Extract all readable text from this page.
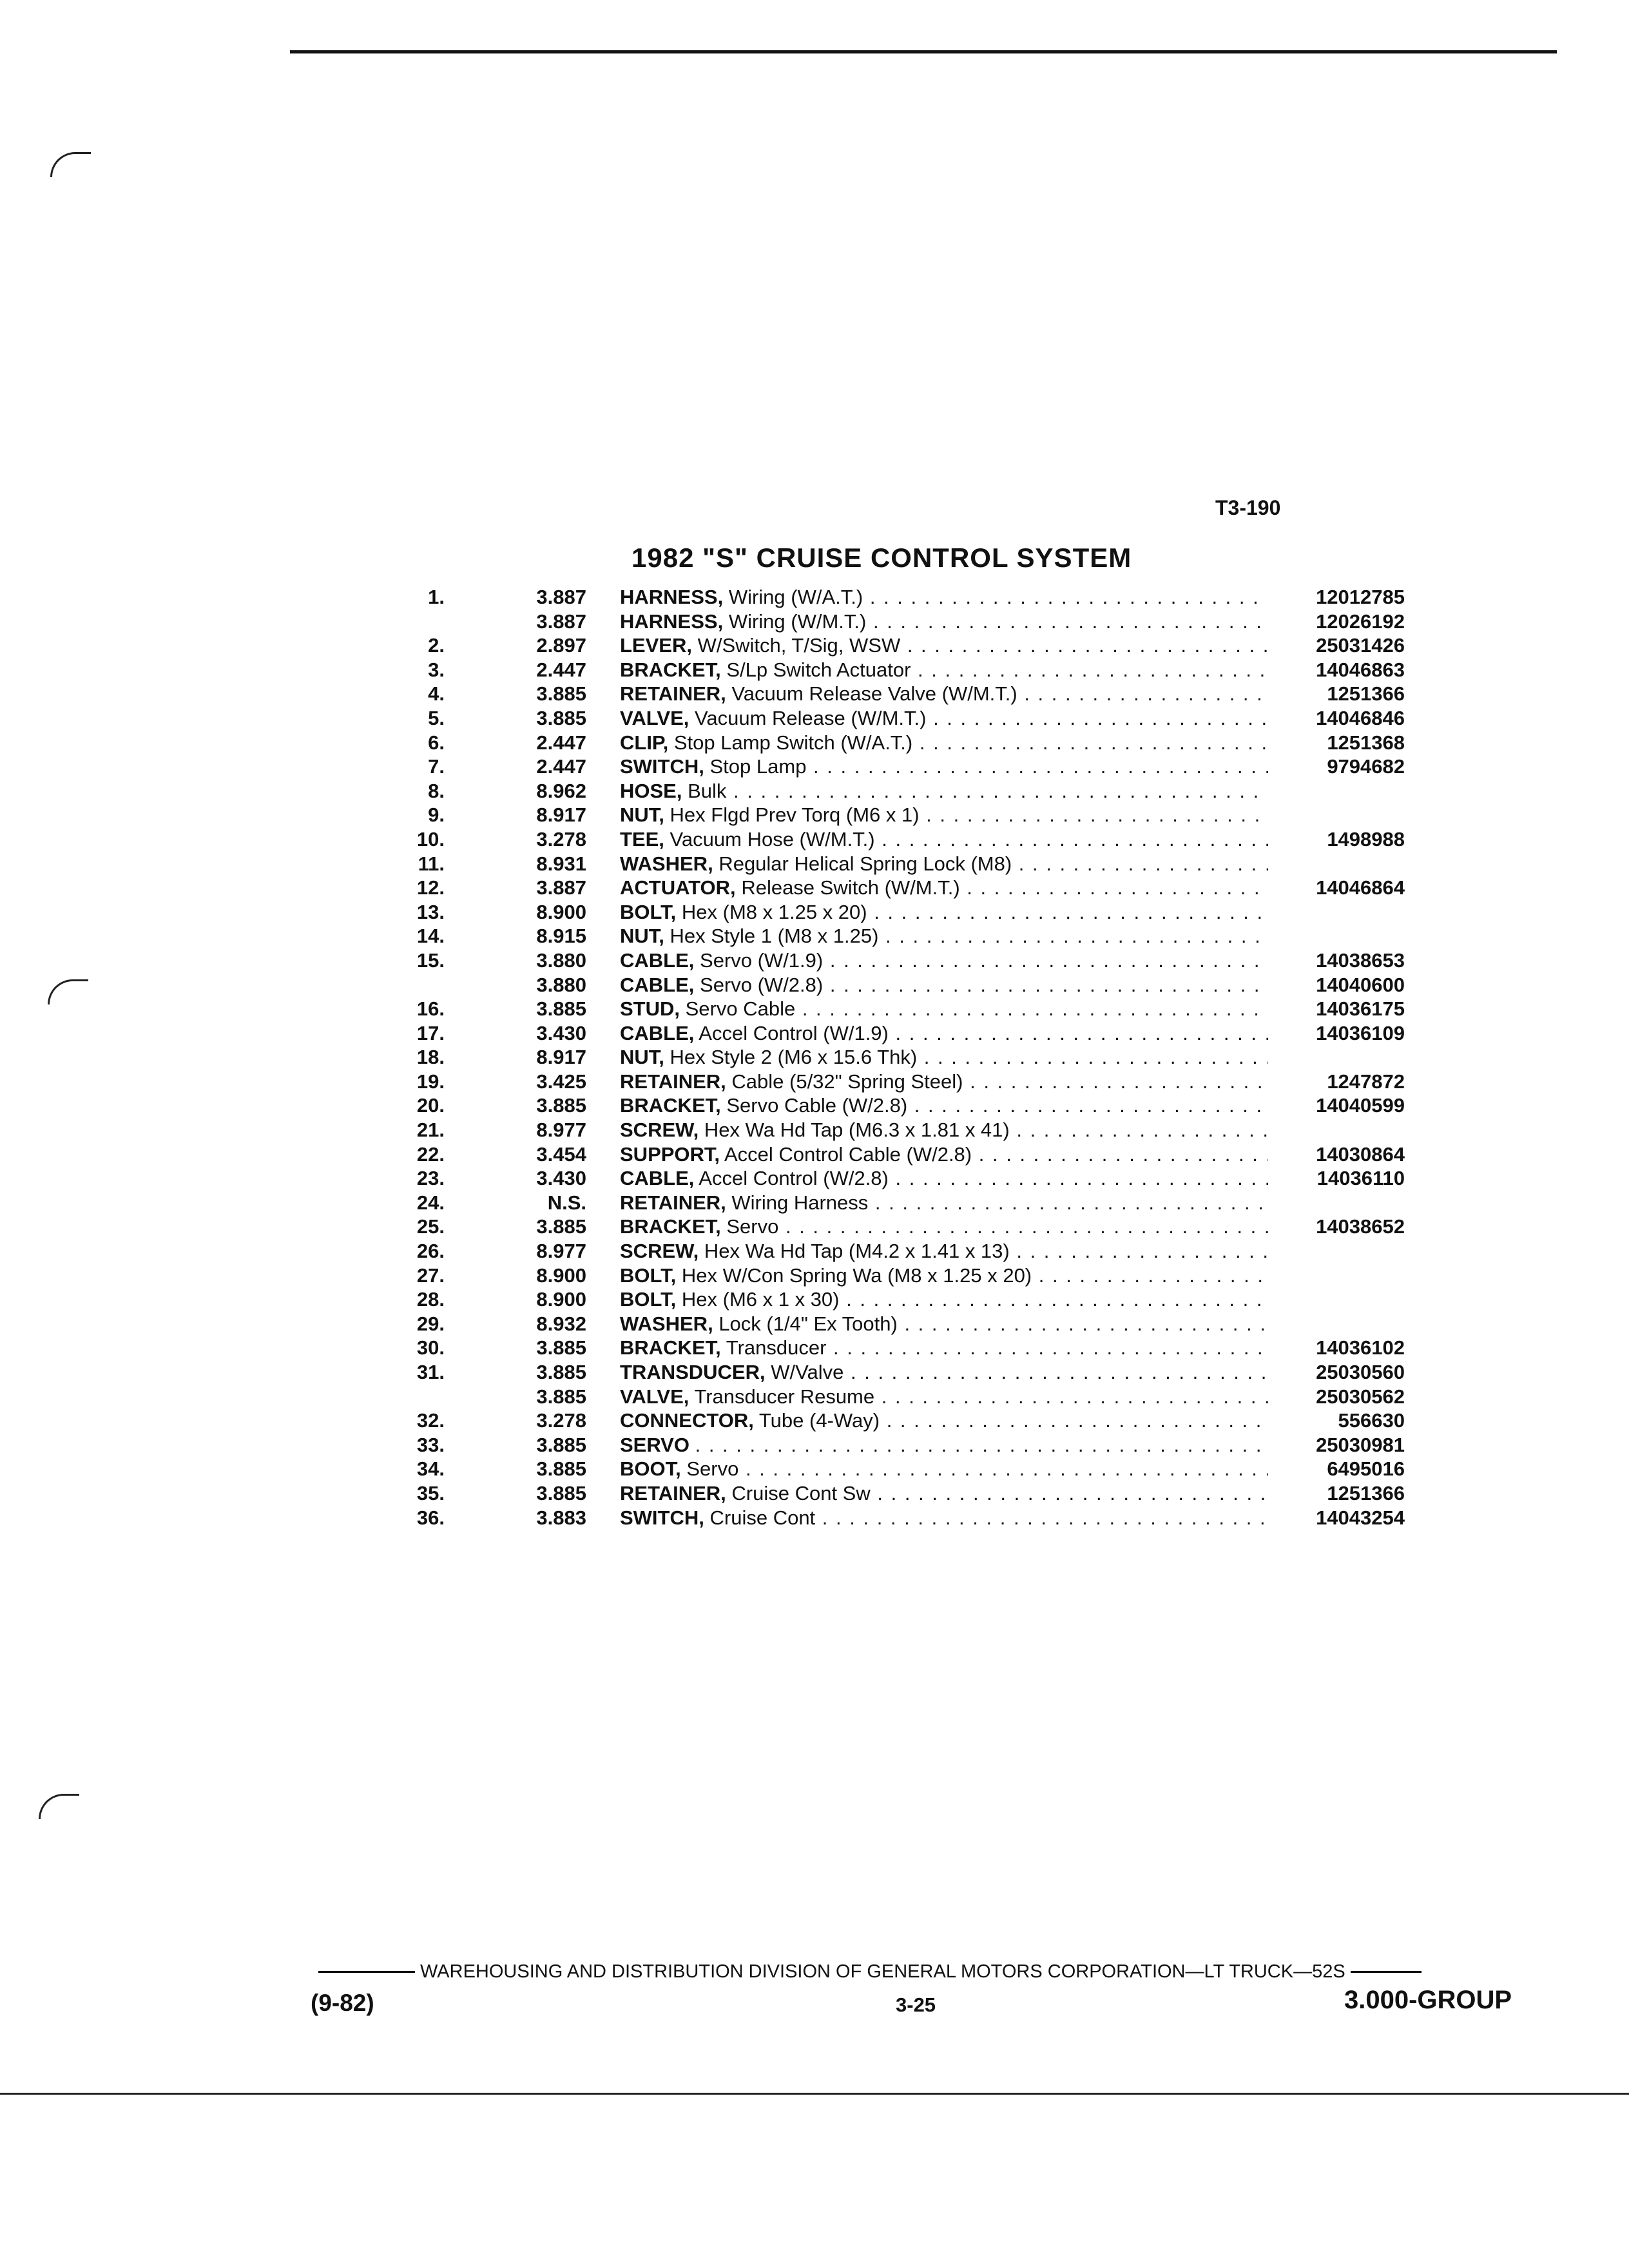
T3-190
1982 "S" CRUISE CONTROL SYSTEM
1.	3.887 HARNESS, Wiring (W/A.T.) . . .	12012785
3.887 HARNESS, Wiring (W/M.T.) . . .	12026192
2.	2.897 LEVER, W/Switch, T/Sig, WSW . . .	25031426
3.	2.447 BRACKET, S/Lp Switch Actuator . . .	14046863
4.	3.885 RETAINER, Vacuum Release Valve (W/M.T.) . . .	1251366
5.	3.885 VALVE, Vacuum Release (W/M.T.) . . .	14046846
6.	2.447 CLIP, Stop Lamp Switch (W/A.T.) . . .	1251368
7.	2.447 SWITCH, Stop Lamp . . .	9794682
8.	8.962 HOSE, Bulk . . .
9.	8.917 NUT, Hex Flgd Prev Torq (M6 x 1) . . .
10.	3.278 TEE, Vacuum Hose (W/M.T.) . . .	1498988
11.	8.931 WASHER, Regular Helical Spring Lock (M8) . . .
12.	3.887 ACTUATOR, Release Switch (W/M.T.) . . .	14046864
13.	8.900 BOLT, Hex (M8 x 1.25 x 20) . . .
14.	8.915 NUT, Hex Style 1 (M8 x 1.25) . . .
15.	3.880 CABLE, Servo (W/1.9) . . .	14038653
3.880 CABLE, Servo (W/2.8) . . .	14040600
16.	3.885 STUD, Servo Cable . . .	14036175
17.	3.430 CABLE, Accel Control (W/1.9) . . .	14036109
18.	8.917 NUT, Hex Style 2 (M6 x 15.6 Thk) . . .
19.	3.425 RETAINER, Cable (5/32" Spring Steel) . . .	1247872
20.	3.885 BRACKET, Servo Cable (W/2.8) . . .	14040599
21.	8.977 SCREW, Hex Wa Hd Tap (M6.3 x 1.81 x 41) . . .
22.	3.454 SUPPORT, Accel Control Cable (W/2.8) . . .	14030864
23.	3.430 CABLE, Accel Control (W/2.8) . . .	14036110
24.	N.S. RETAINER, Wiring Harness . . .
25.	3.885 BRACKET, Servo . . .	14038652
26.	8.977 SCREW, Hex Wa Hd Tap (M4.2 x 1.41 x 13) . . .
27.	8.900 BOLT, Hex W/Con Spring Wa (M8 x 1.25 x 20) . . .
28.	8.900 BOLT, Hex (M6 x 1 x 30) . . .
29.	8.932 WASHER, Lock (1/4" Ex Tooth) . . .
30.	3.885 BRACKET, Transducer . . .	14036102
31.	3.885 TRANSDUCER, W/Valve . . .	25030560
3.885 VALVE, Transducer Resume . . .	25030562
32.	3.278 CONNECTOR, Tube (4-Way) . . .	556630
33.	3.885 SERVO . . .	25030981
34.	3.885 BOOT, Servo . . .	6495016
35.	3.885 RETAINER, Cruise Cont Sw . . .	1251366
36.	3.883 SWITCH, Cruise Cont . . .	14043254
WAREHOUSING AND DISTRIBUTION DIVISION OF GENERAL MOTORS CORPORATION—LT TRUCK—52S
(9-82)	3-25	3.000-GROUP
